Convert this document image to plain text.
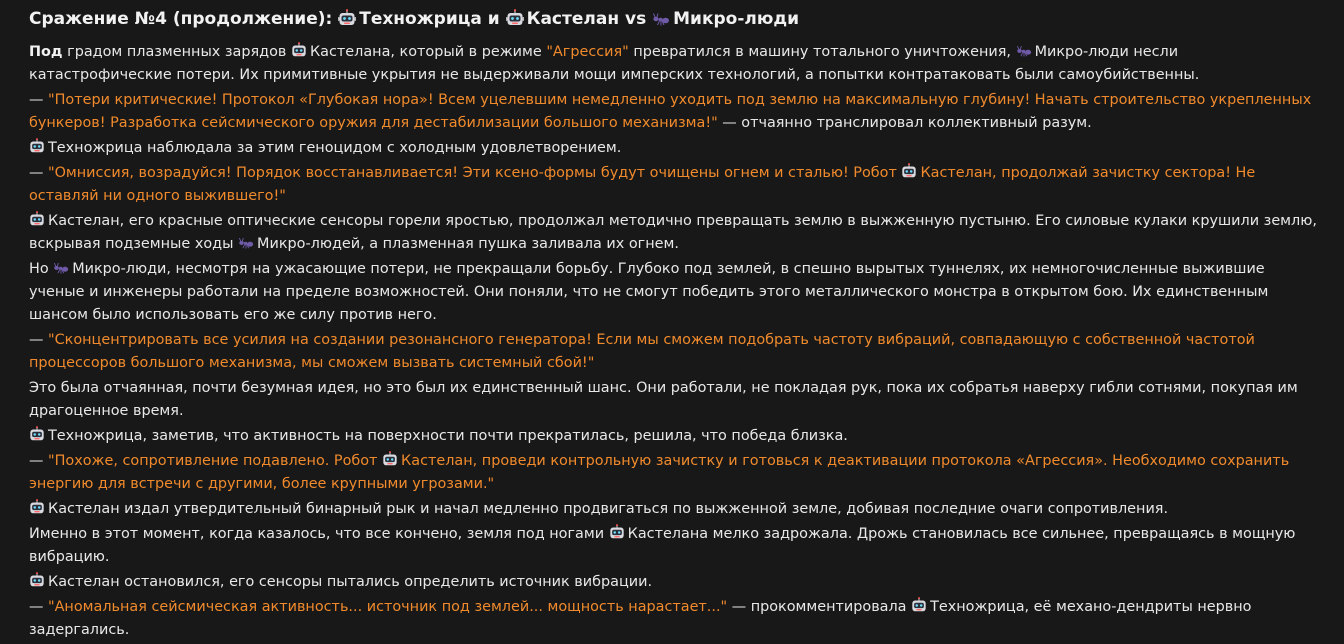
Сражение №4 (продолжение):
Техножрица и
Кастелан vs
Микро-люди

Под градом плазменных зарядов
Кастелана, который в режиме "Агрессия" превратился в машину тотального уничтожения,
Микро-люди несли катастрофические потери. Их примитивные укрытия не выдерживали мощи имперских технологий, а попытки контратаковать были самоубийственны.

— "Потери критические! Протокол «Глубокая нора»! Всем уцелевшим немедленно уходить под землю на максимальную глубину! Начать строительство укрепленных бункеров! Разработка сейсмического оружия для дестабилизации большого механизма!" — отчаянно транслировал коллективный разум.

Техножрица наблюдала за этим геноцидом с холодным удовлетворением.

— "Омниссия, возрадуйся! Порядок восстанавливается! Эти ксено-формы будут очищены огнем и сталью! Робот
Кастелан, продолжай зачистку сектора! Не оставляй ни одного выжившего!"

Кастелан, его красные оптические сенсоры горели яростью, продолжал методично превращать землю в выжженную пустыню. Его силовые кулаки крушили землю, вскрывая подземные ходы
Микро-людей, а плазменная пушка заливала их огнем.

Но
Микро-люди, несмотря на ужасающие потери, не прекращали борьбу. Глубоко под землей, в спешно вырытых туннелях, их немногочисленные выжившие ученые и инженеры работали на пределе возможностей. Они поняли, что не смогут победить этого металлического монстра в открытом бою. Их единственным шансом было использовать его же силу против него.

— "Сконцентрировать все усилия на создании резонансного генератора! Если мы сможем подобрать частоту вибраций, совпадающую с собственной частотой процессоров большого механизма, мы сможем вызвать системный сбой!"

Это была отчаянная, почти безумная идея, но это был их единственный шанс. Они работали, не покладая рук, пока их собратья наверху гибли сотнями, покупая им драгоценное время.

Техножрица, заметив, что активность на поверхности почти прекратилась, решила, что победа близка.

— "Похоже, сопротивление подавлено. Робот
Кастелан, проведи контрольную зачистку и готовься к деактивации протокола «Агрессия». Необходимо сохранить энергию для встречи с другими, более крупными угрозами."

Кастелан издал утвердительный бинарный рык и начал медленно продвигаться по выжженной земле, добивая последние очаги сопротивления.

Именно в этот момент, когда казалось, что все кончено, земля под ногами
Кастелана мелко задрожала. Дрожь становилась все сильнее, превращаясь в мощную вибрацию.

Кастелан остановился, его сенсоры пытались определить источник вибрации.

— "Аномальная сейсмическая активность... источник под землей... мощность нарастает..." — прокомментировала
Техножрица, её механо-дендриты нервно задергались.
